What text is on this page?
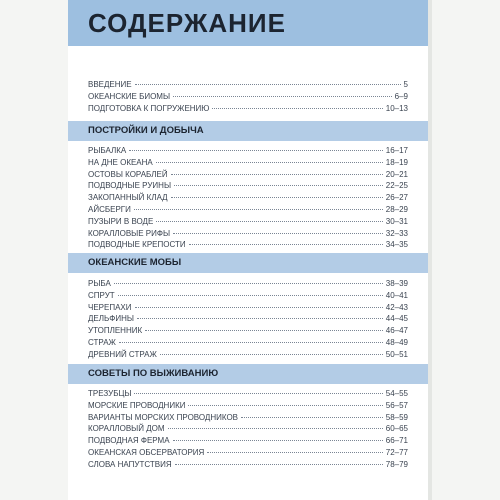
СОДЕРЖАНИЕ
ВВЕДЕНИЕ	5
ОКЕАНСКИЕ БИОМЫ	6–9
ПОДГОТОВКА К ПОГРУЖЕНИЮ	10–13
ПОСТРОЙКИ И ДОБЫЧА
РЫБАЛКА	16–17
НА ДНЕ ОКЕАНА	18–19
ОСТОВЫ КОРАБЛЕЙ	20–21
ПОДВОДНЫЕ РУИНЫ	22–25
ЗАКОПАННЫЙ КЛАД	26–27
АЙСБЕРГИ	28–29
ПУЗЫРИ В ВОДЕ	30–31
КОРАЛЛОВЫЕ РИФЫ	32–33
ПОДВОДНЫЕ КРЕПОСТИ	34–35
ОКЕАНСКИЕ МОБЫ
РЫБА	38–39
СПРУТ	40–41
ЧЕРЕПАХИ	42–43
ДЕЛЬФИНЫ	44–45
УТОПЛЕННИК	46–47
СТРАЖ	48–49
ДРЕВНИЙ СТРАЖ	50–51
СОВЕТЫ ПО ВЫЖИВАНИЮ
ТРЕЗУБЦЫ	54–55
МОРСКИЕ ПРОВОДНИКИ	56–57
ВАРИАНТЫ МОРСКИХ ПРОВОДНИКОВ	58–59
КОРАЛЛОВЫЙ ДОМ	60–65
ПОДВОДНАЯ ФЕРМА	66–71
ОКЕАНСКАЯ ОБСЕРВАТОРИЯ	72–77
СЛОВА НАПУТСТВИЯ	78–79
